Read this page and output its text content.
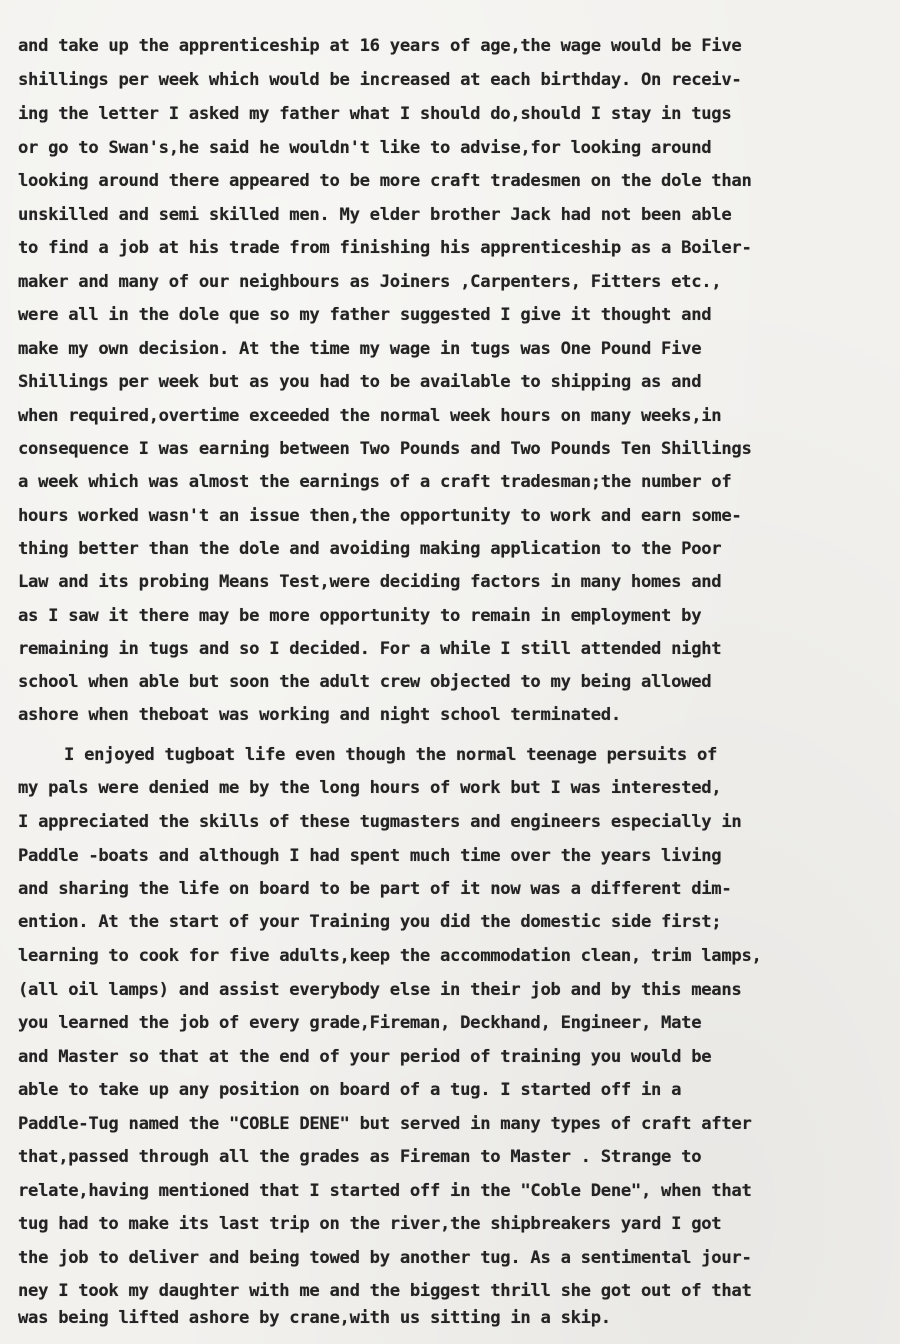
and take up the apprenticeship at 16 years of age,the wage would be Five

shillings per week which would be increased at each birthday. On receiv-

ing the letter I asked my father what I should do,should I stay in tugs

or go to Swan's,he said he wouldn't like to advise,for looking around

looking around there appeared to be more craft tradesmen on the dole than

unskilled and semi skilled men. My elder brother Jack had not been able

to find a job at his trade from finishing his apprenticeship as a Boiler-

maker and many of our neighbours as Joiners ,Carpenters, Fitters etc.,

were all in the dole que so my father suggested I give it thought and

make my own decision. At the time my wage in tugs was One Pound Five

Shillings per week but as you had to be available to shipping as and

when required,overtime exceeded the normal week hours on many weeks,in

consequence I was earning between Two Pounds and Two Pounds Ten Shillings

a week which was almost the earnings of a craft tradesman;the number of

hours worked wasn't an issue then,the opportunity to work and earn some-

thing better than the dole and avoiding making application to the Poor

Law and its probing Means Test,were deciding factors in many homes and

as I saw it there may be more opportunity to remain in employment by

remaining in tugs and so I decided. For a while I still attended night

school when able but soon the adult crew objected to my being allowed

ashore when theboat was working and night school terminated.

I enjoyed tugboat life even though the normal teenage persuits of

my pals were denied me by the long hours of work but I was interested,

I appreciated the skills of these tugmasters and engineers especially in

Paddle -boats and although I had spent much time over the years living

and sharing the life on board to be part of it now was a different dim-

ention. At the start of your Training you did the domestic side first;

learning to cook for five adults,keep the accommodation clean, trim lamps,

(all oil lamps) and assist everybody else in their job and by this means

you learned the job of every grade,Fireman, Deckhand, Engineer, Mate

and Master so that at the end of your period of training you would be

able to take up any position on board of a tug. I started off in a

Paddle-Tug named the "COBLE DENE" but served in many types of craft after

that,passed through all the grades as Fireman to Master . Strange to

relate,having mentioned that I started off in the "Coble Dene", when that

tug had to make its last trip on the river,the shipbreakers yard I got

the job to deliver and being towed by another tug. As a sentimental jour-

ney I took my daughter with me and the biggest thrill she got out of that

was being lifted ashore by crane,with us sitting in a skip.
